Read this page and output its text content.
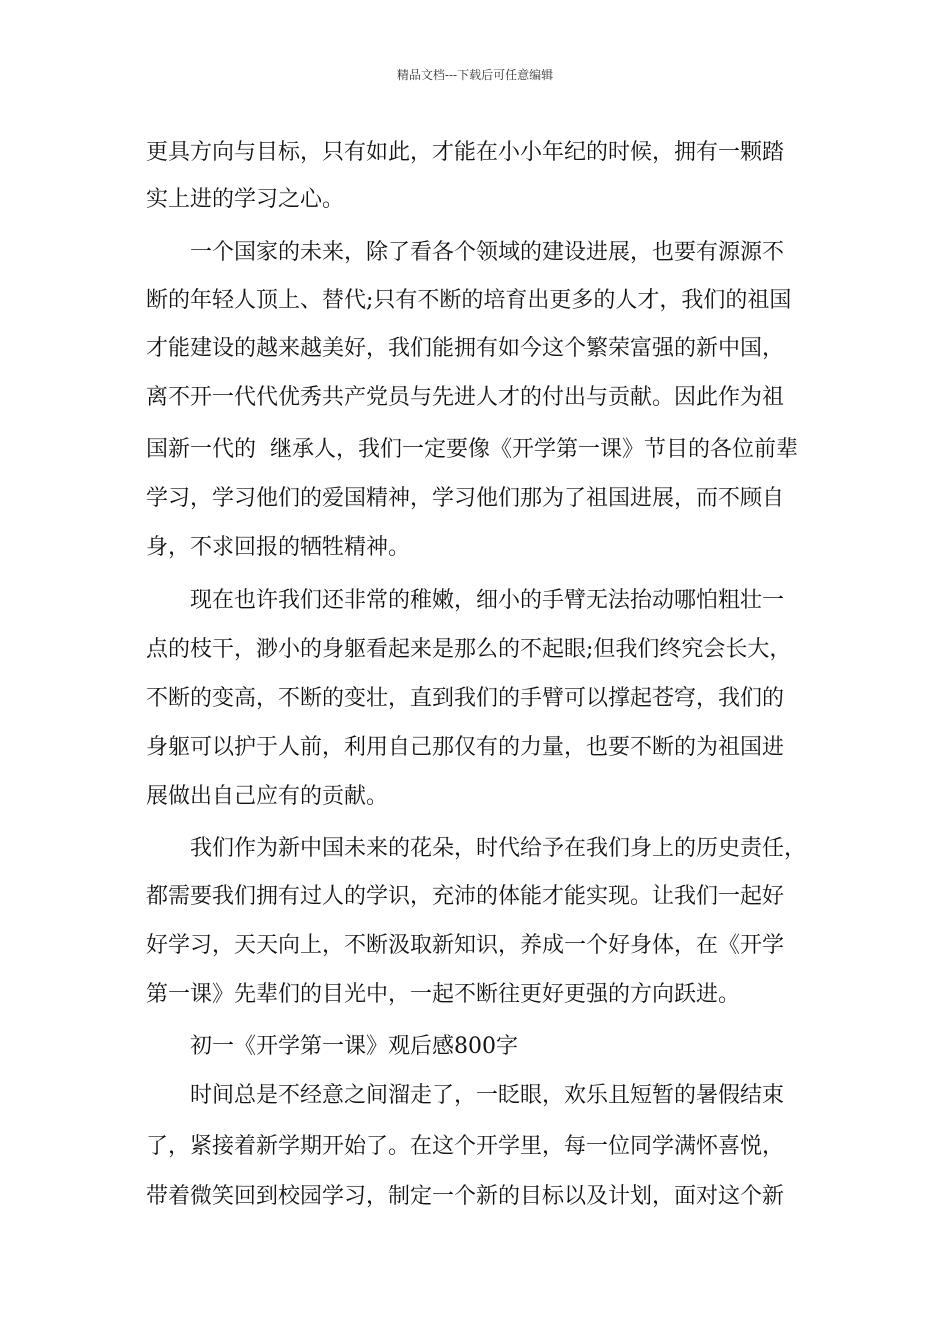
精品文档---下载后可任意编辑
更具方向与目标，只有如此，才能在小小年纪的时候，拥有一颗踏
实上进的学习之心。
一个国家的未来，除了看各个领域的建设进展，也要有源源不
断的年轻人顶上、替代;只有不断的培育出更多的人才，我们的祖国
才能建设的越来越美好，我们能拥有如今这个繁荣富强的新中国，
离不开一代代优秀共产党员与先进人才的付出与贡献。因此作为祖
国新一代的  继承人，我们一定要像《开学第一课》节目的各位前辈
学习，学习他们的爱国精神，学习他们那为了祖国进展，而不顾自
身，不求回报的牺牲精神。
现在也许我们还非常的稚嫩，细小的手臂无法抬动哪怕粗壮一
点的枝干，渺小的身躯看起来是那么的不起眼;但我们终究会长大，
不断的变高，不断的变壮，直到我们的手臂可以撑起苍穹，我们的
身躯可以护于人前，利用自己那仅有的力量，也要不断的为祖国进
展做出自己应有的贡献。
我们作为新中国未来的花朵，时代给予在我们身上的历史责任，
都需要我们拥有过人的学识，充沛的体能才能实现。让我们一起好
好学习，天天向上，不断汲取新知识，养成一个好身体，在《开学
第一课》先辈们的目光中，一起不断往更好更强的方向跃进。
初一《开学第一课》观后感800字
时间总是不经意之间溜走了，一眨眼，欢乐且短暂的暑假结束
了，紧接着新学期开始了。在这个开学里，每一位同学满怀喜悦，
带着微笑回到校园学习，制定一个新的目标以及计划，面对这个新
